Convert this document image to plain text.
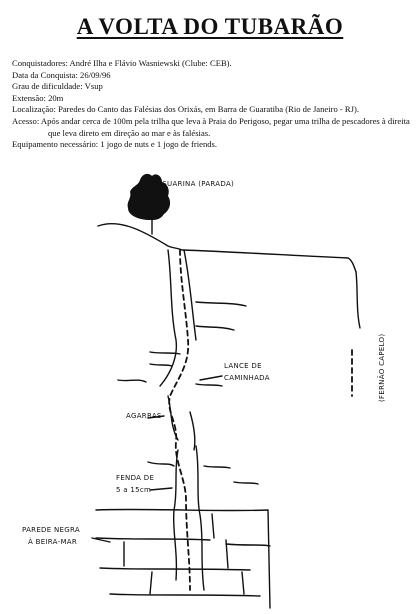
A VOLTA DO TUBARÃO
Conquistadores : André Ilha e Flávio Wasniewski (Clube: CEB).
Data da Conquista : 26/09/96
Grau de dificuldade : Vsup
Extensão : 20m
Localização : Paredes do Canto das Falésias dos Orixás, em Barra de Guaratiba (Rio de Janeiro - RJ).
Acesso : Após andar cerca de 100m pela trilha que leva à Praia do Perigoso, pegar uma trilha de pescadores à direita que leva direto em direção ao mar e às falésias.
Equipamento necessário : 1 jogo de nuts e 1 jogo de friends.
CASUARINA (PARADA)
LANCE DE
CAMINHADA
AGARRAS
FENDA DE
5 a 15cm
PAREDE NEGRA
À BEIRA-MAR
(FERNÃO CAPELO)
